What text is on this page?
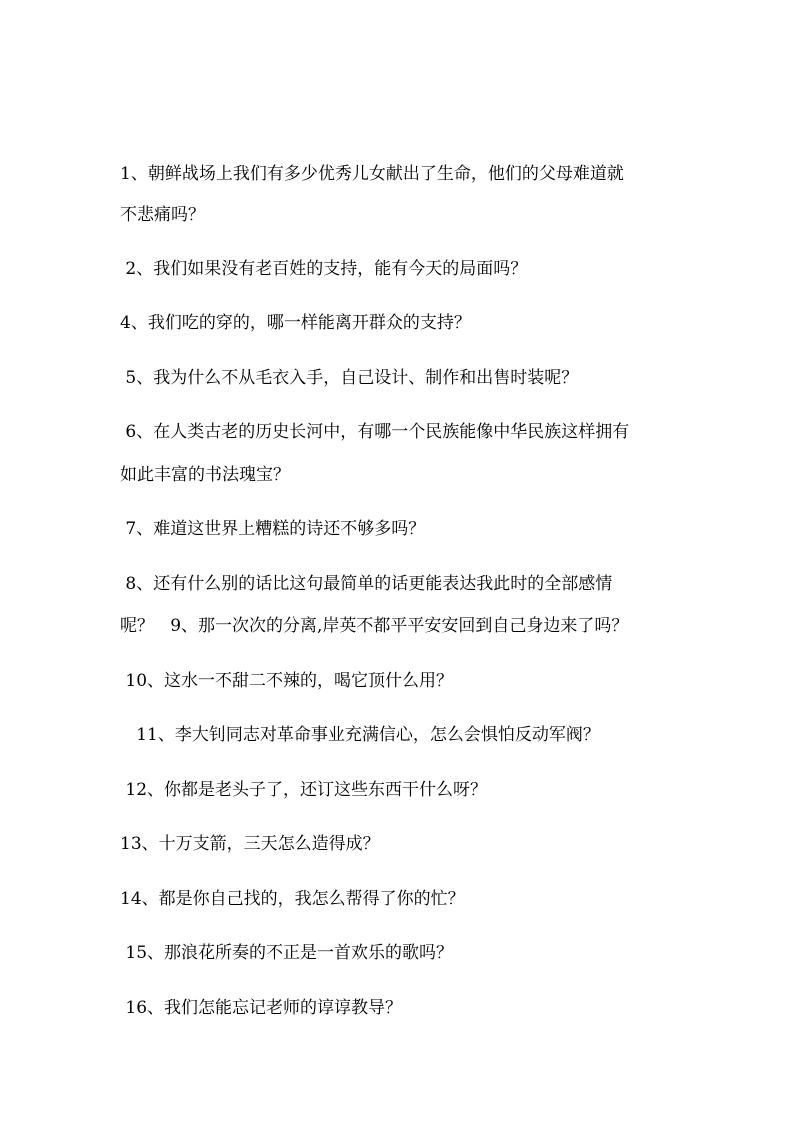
1、朝鲜战场上我们有多少优秀儿女献出了生命，他们的父母难道就
不悲痛吗？
2、我们如果没有老百姓的支持，能有今天的局面吗？
4、我们吃的穿的，哪一样能离开群众的支持？
5、我为什么不从毛衣入手，自己设计、制作和出售时装呢？
6、在人类古老的历史长河中，有哪一个民族能像中华民族这样拥有
如此丰富的书法瑰宝？
7、难道这世界上糟糕的诗还不够多吗？
8、还有什么别的话比这句最简单的话更能表达我此时的全部感情
呢？   9、那一次次的分离,岸英不都平平安安回到自己身边来了吗？
10、这水一不甜二不辣的，喝它顶什么用？
11、李大钊同志对革命事业充满信心，怎么会惧怕反动军阀？
12、你都是老头子了，还订这些东西干什么呀？
13、十万支箭，三天怎么造得成？
14、都是你自己找的，我怎么帮得了你的忙？
15、那浪花所奏的不正是一首欢乐的歌吗？
16、我们怎能忘记老师的谆谆教导？
